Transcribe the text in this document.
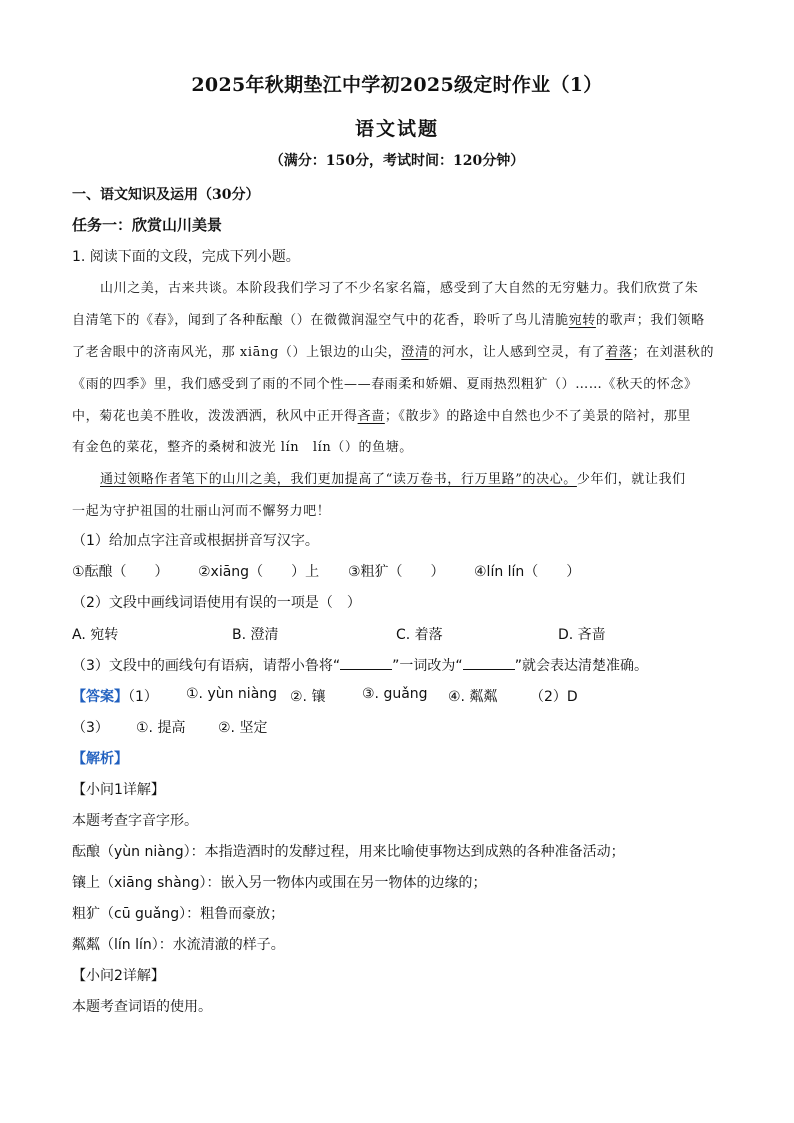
2025年秋期垫江中学初2025级定时作业（1）
语文试题
（满分：150分，考试时间：120分钟）
一、语文知识及运用（30分）
任务一：欣赏山川美景
1. 阅读下面的文段，完成下列小题。
山川之美，古来共谈。本阶段我们学习了不少名家名篇，感受到了大自然的无穷魅力。我们欣赏了朱
自清笔下的《春》，闻到了各种酝酿（）在微微润湿空气中的花香，聆听了鸟儿清脆宛转的歌声；我们领略
了老舍眼中的济南风光，那 xiāng（）上银边的山尖，澄清的河水，让人感到空灵，有了着落；在刘湛秋的
《雨的四季》里，我们感受到了雨的不同个性——春雨柔和娇媚、夏雨热烈粗犷（）……《秋天的怀念》
中，菊花也美不胜收，泼泼洒洒，秋风中正开得吝啬；《散步》的路途中自然也少不了美景的陪衬，那里
有金色的菜花，整齐的桑树和波光 lín　lín（）的鱼塘。
通过领略作者笔下的山川之美，我们更加提高了“读万卷书，行万里路”的决心。少年们，就让我们
一起为守护祖国的壮丽山河而不懈努力吧！
（1）给加点字注音或根据拼音写汉字。
①酝酿（　　） ②xiāng（　　）上 ③粗犷（　　） ④lín lín（　　）
（2）文段中画线词语使用有误的一项是（　）
A. 宛转	B. 澄清	C. 着落	D. 吝啬
（3）文段中的画线句有语病，请帮小鲁将“	”一词改为“	”就会表达清楚准确。
【答案】（1） ①. yùn niàng ②. 镶	③. guǎng ④. 粼粼 （2）D
（3） ①. 提高 ②. 坚定
【解析】
【小问1详解】
本题考查字音字形。
酝酿（yùn niàng）：本指造酒时的发酵过程，用来比喻使事物达到成熟的各种准备活动；
镶上（xiāng shàng）：嵌入另一物体内或围在另一物体的边缘的；
粗犷（cū guǎng）：粗鲁而豪放；
粼粼（lín lín）：水流清澈的样子。
【小问2详解】
本题考查词语的使用。
